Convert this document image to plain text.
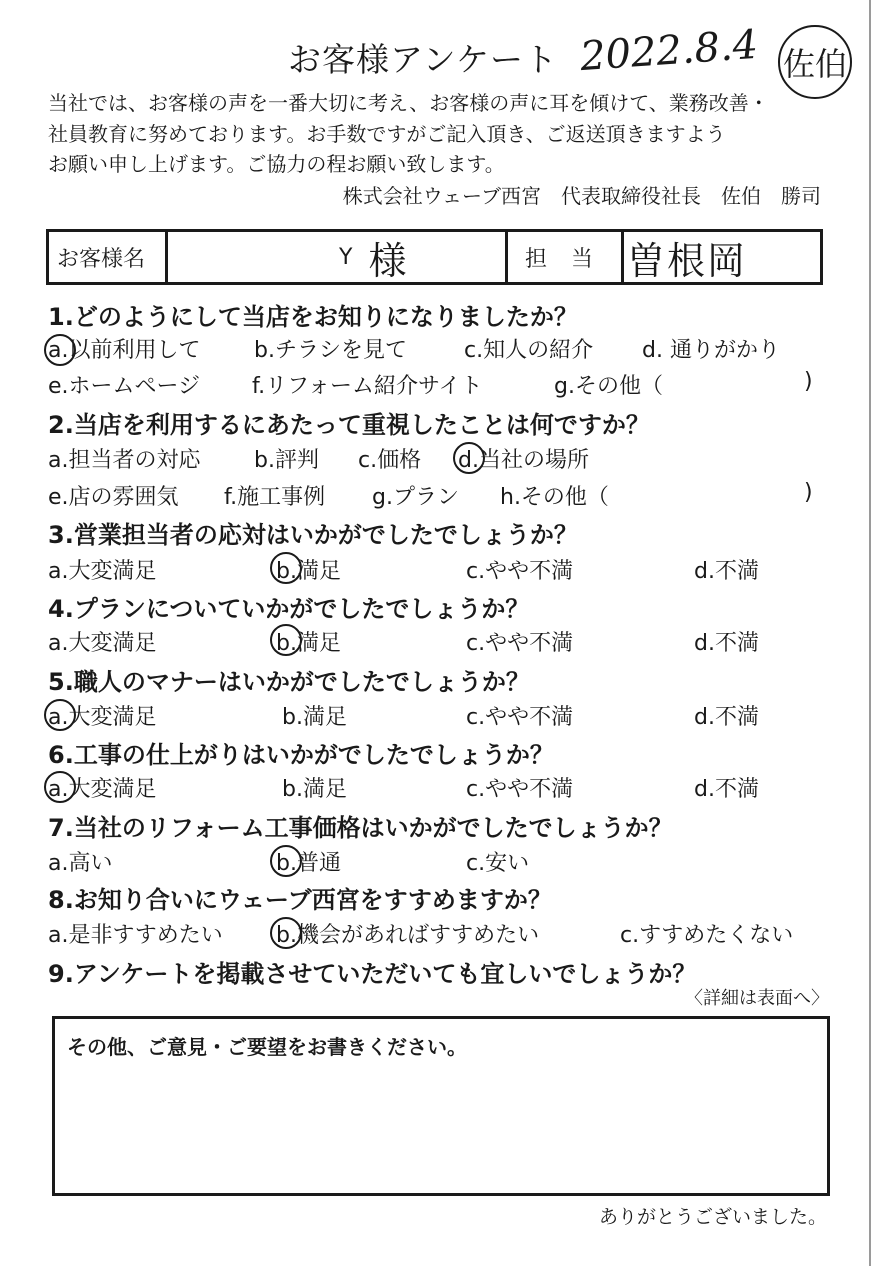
お客様アンケート 2022.8.4 佐伯
当社では、お客様の声を一番大切に考え、お客様の声に耳を傾けて、業務改善・
社員教育に努めております。お手数ですがご記入頂き、ご返送頂きますよう
お願い申し上げます。ご協力の程お願い致します。
株式会社ウェーブ西宮　代表取締役社長　佐伯　勝司
お客様名	Y 様	担当 曽根岡
1.どのようにして当店をお知りになりましたか？
a.以前利用して b.チラシを見て	c.知人の紹介 d. 通りがかり
e.ホームページ f.リフォーム紹介サイト	g.その他（	)
2.当店を利用するにあたって重視したことは何ですか？
a.担当者の対応 b.評判 c.価格 d.当社の場所
e.店の雰囲気 f.施工事例 g.プラン h.その他（	)
3.営業担当者の応対はいかがでしたでしょうか？
a.大変満足	b.満足	c.やや不満	d.不満
4.プランについていかがでしたでしょうか？
a.大変満足	b.満足	c.やや不満	d.不満
5.職人のマナーはいかがでしたでしょうか？
a.大変満足	b.満足	c.やや不満	d.不満
6.工事の仕上がりはいかがでしたでしょうか？
a.大変満足	b.満足	c.やや不満	d.不満
7.当社のリフォーム工事価格はいかがでしたでしょうか？
a.高い	b.普通	c.安い
8.お知り合いにウェーブ西宮をすすめますか？
a.是非すすめたい b.機会があればすすめたい	c.すすめたくない
9.アンケートを掲載させていただいても宜しいでしょうか？
〈詳細は表面へ〉
その他、ご意見・ご要望をお書きください。
ありがとうございました。
